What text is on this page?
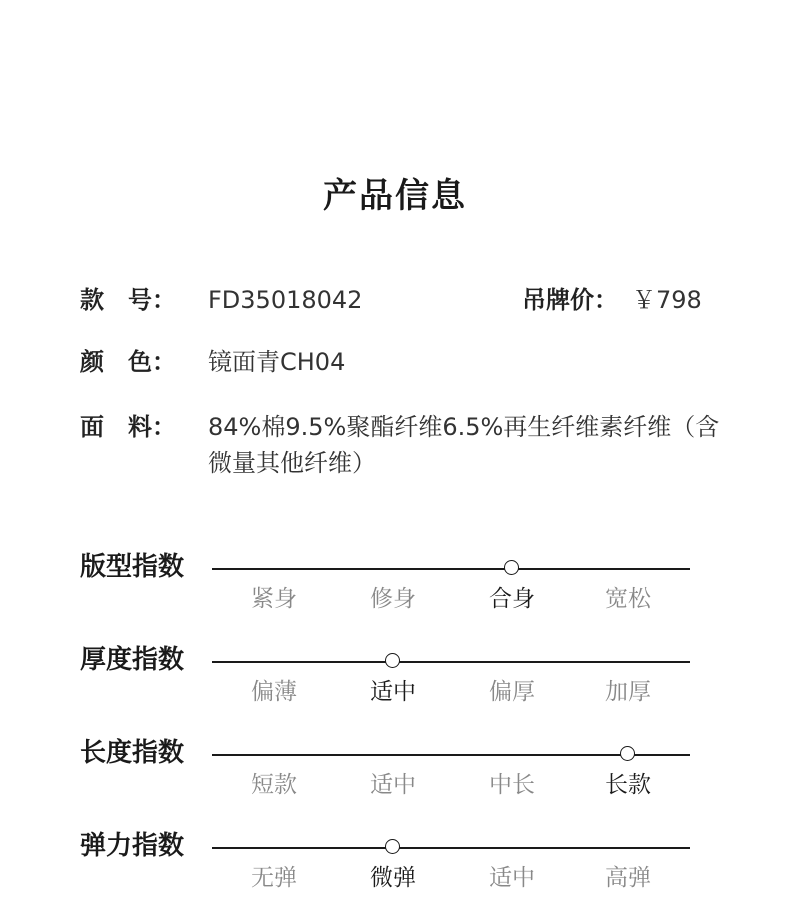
产品信息
款　号：	FD35018042	吊牌价： ￥798
颜　色：	镜面青CH04
面　料：	84%棉9.5%聚酯纤维6.5%再生纤维素纤维（含微量其他纤维）
版型指数
紧身	修身	合身	宽松
厚度指数
偏薄	适中	偏厚	加厚
长度指数
短款	适中	中长	长款
弹力指数
无弹	微弹	适中	高弹
